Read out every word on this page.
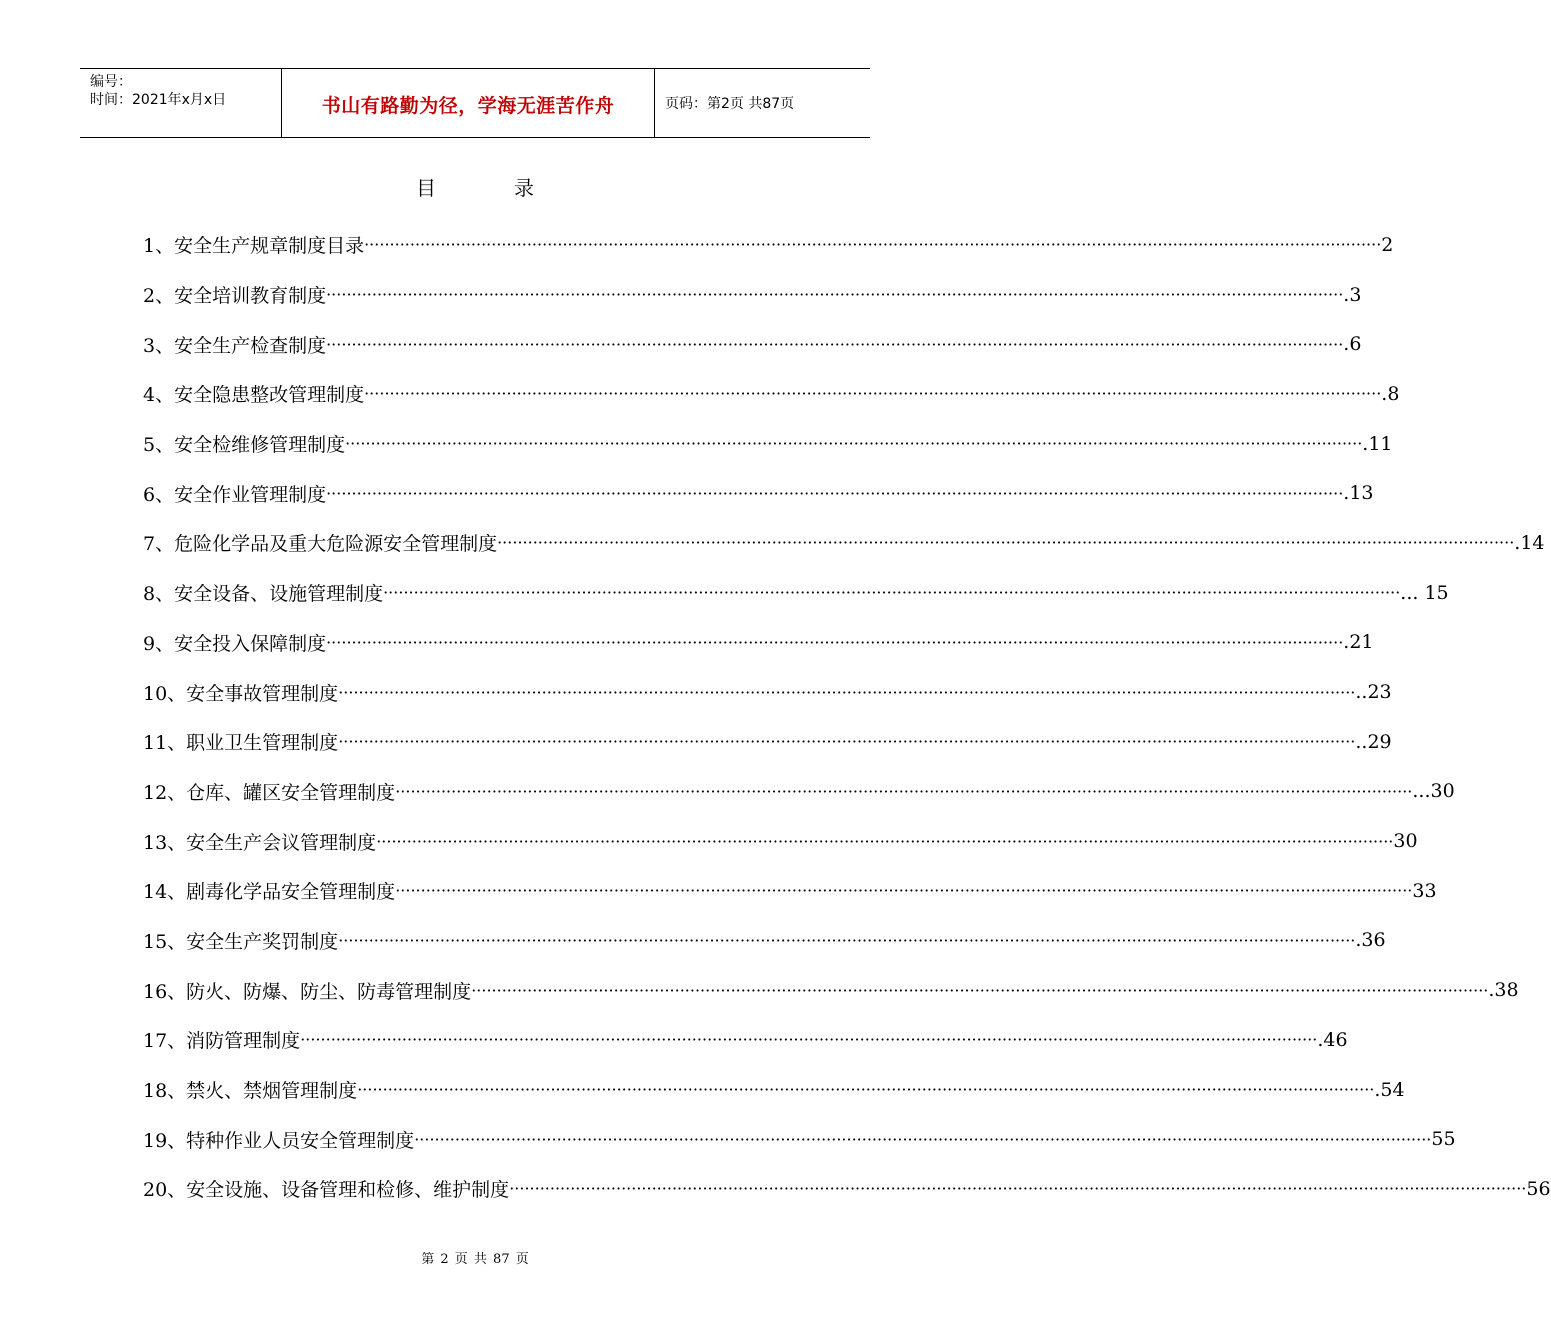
编号：
时间：2021年x月x日	书山有路勤为径，学海无涯苦作舟	页码：第2页 共87页
目	录
1、安全生产规章制度目录 ········································································································································································································ 2
2、安全培训教育制度 ········································································································································································································ .3
3、安全生产检查制度 ········································································································································································································ .6
4、安全隐患整改管理制度 ········································································································································································································ .8
5、安全检维修管理制度 ········································································································································································································ .11
6、安全作业管理制度 ········································································································································································································ .13
7、危险化学品及重大危险源安全管理制度 ········································································································································································································ .14
8、安全设备、设施管理制度 ········································································································································································································ ... 15
9、安全投入保障制度 ········································································································································································································ .21
10、安全事故管理制度 ········································································································································································································ ..23
11、职业卫生管理制度 ········································································································································································································ ..29
12、仓库、罐区安全管理制度 ········································································································································································································ ...30
13、安全生产会议管理制度 ········································································································································································································ 30
14、剧毒化学品安全管理制度 ········································································································································································································ 33
15、安全生产奖罚制度 ········································································································································································································ .36
16、防火、防爆、防尘、防毒管理制度 ········································································································································································································ .38
17、消防管理制度 ········································································································································································································ .46
18、禁火、禁烟管理制度 ········································································································································································································ .54
19、特种作业人员安全管理制度 ········································································································································································································ 55
20、安全设施、设备管理和检修、维护制度 ········································································································································································································ 56
第 2 页 共 87 页
